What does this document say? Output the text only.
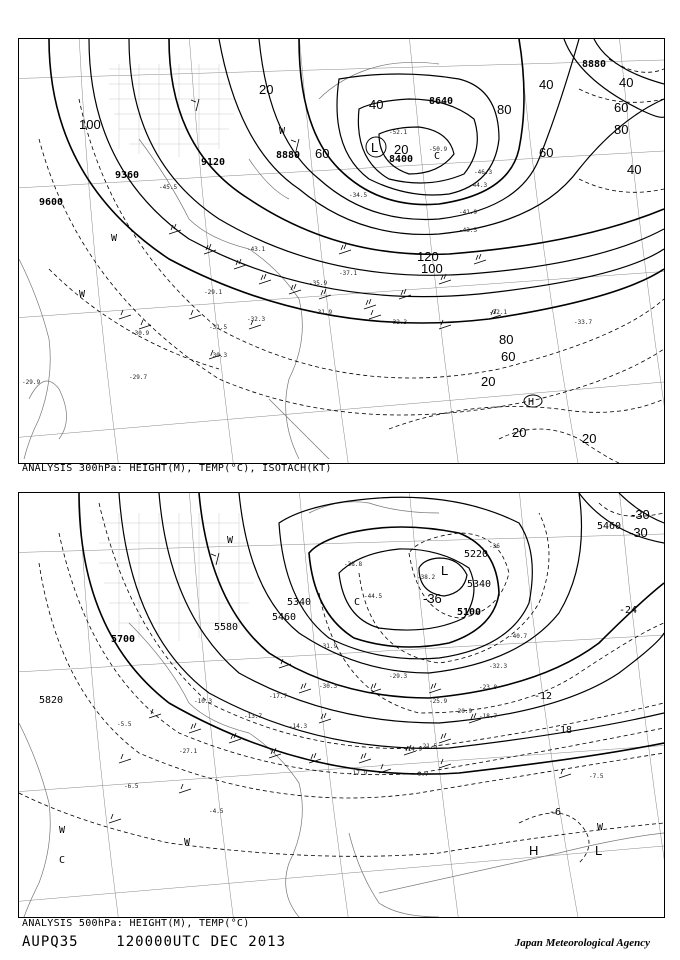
8880
9120
9360
9600
8400
8640
8880
100
40
20
20
60
80
60
40
60
40
20
20	20
120
100
80
60
40
80
-45.5
-43.1
-35.9
-37.1
-34.5
-32.3
-31.9
-32.3
-32.1
-33.7
-30.9
-30.3
-29.7
-29.9
-41.9
-43.5
-46.3
-44.3
-50.9
-52.1
-31.5
-29.1
L
H
W
W
W
C
ANALYSIS 300hPa: HEIGHT(M), TEMP(°C), ISOTACH(KT)
5700
5460
5580
5100
5220
5340
5460
5820
5340	-36
-30
-24
-18
-12
-6
-30
-36
-38.2
-44.5
-38.8
-31.9
-21.5
-29.3
-25.9
-20.9
-18.7
-14.9
-17.9	-9.7	-7.5
-5.5
-6.5
-4.5
-10.3
-13.7
-17.7
-14.3
-40.7
-32.3
-23.0
-30.3
-27.1
L
L
H
W
W
W
W
C
C
ANALYSIS 500hPa: HEIGHT(M), TEMP(°C)
AUPQ35	120000UTC DEC 2013	Japan Meteorological Agency
